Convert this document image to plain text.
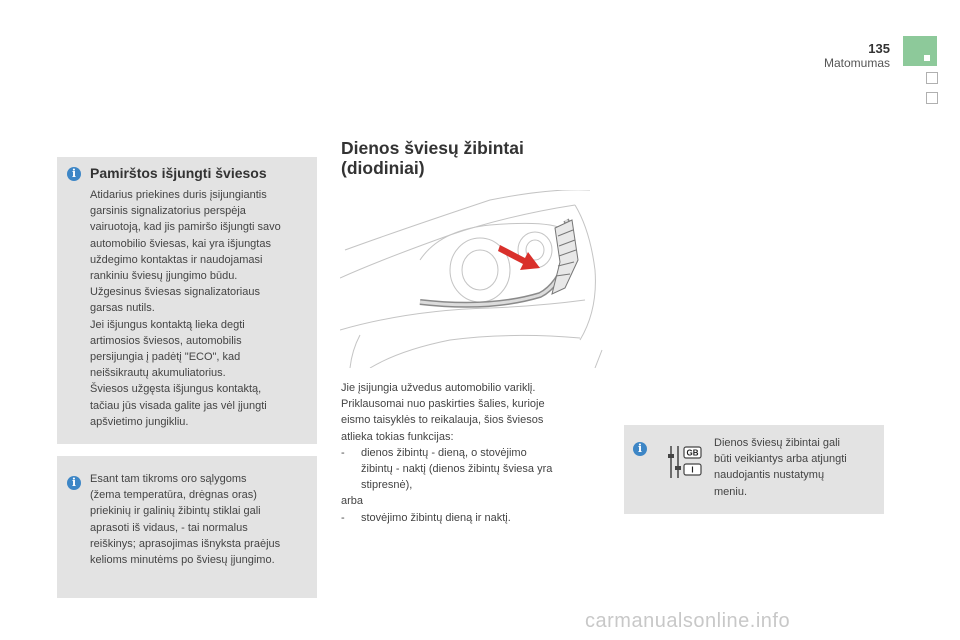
135
Matomumas
i Pamirštos išjungti šviesos
Atidarius priekines duris įsijungiantis
garsinis signalizatorius perspėja
vairuotoją, kad jis pamiršo išjungti savo
automobilio šviesas, kai yra išjungtas
uždegimo kontaktas ir naudojamasi
rankiniu šviesų įjungimo būdu.
Užgesinus šviesas signalizatoriaus
garsas nutils.
Jei išjungus kontaktą lieka degti
artimosios šviesos, automobilis
persijungia į padėtį "ECO", kad
neišsikrautų akumuliatorius.
Šviesos užgęsta išjungus kontaktą,
tačiau jūs visada galite jas vėl įjungti
apšvietimo jungikliu.
i	Esant tam tikroms oro sąlygoms
(žema temperatūra, drėgnas oras)
priekinių ir galinių žibintų stiklai gali
aprasoti iš vidaus, - tai normalus
reiškinys; aprasojimas išnyksta praėjus
kelioms minutėms po šviesų įjungimo.
Dienos šviesų žibintai
(diodiniai)
Jie įsijungia užvedus automobilio variklį.
Priklausomai nuo paskirties šalies, kurioje
eismo taisyklės to reikalauja, šios šviesos
atlieka tokias funkcijas:
-	dienos žibintų - dieną, o stovėjimo
žibintų - naktį (dienos žibintų šviesa yra
stipresnė),
arba
-	stovėjimo žibintų dieną ir naktį.
i	Dienos šviesų žibintai gali
būti veikiantys arba atjungti
naudojantis nustatymų
meniu.
GB
I
carmanualsonline.info
